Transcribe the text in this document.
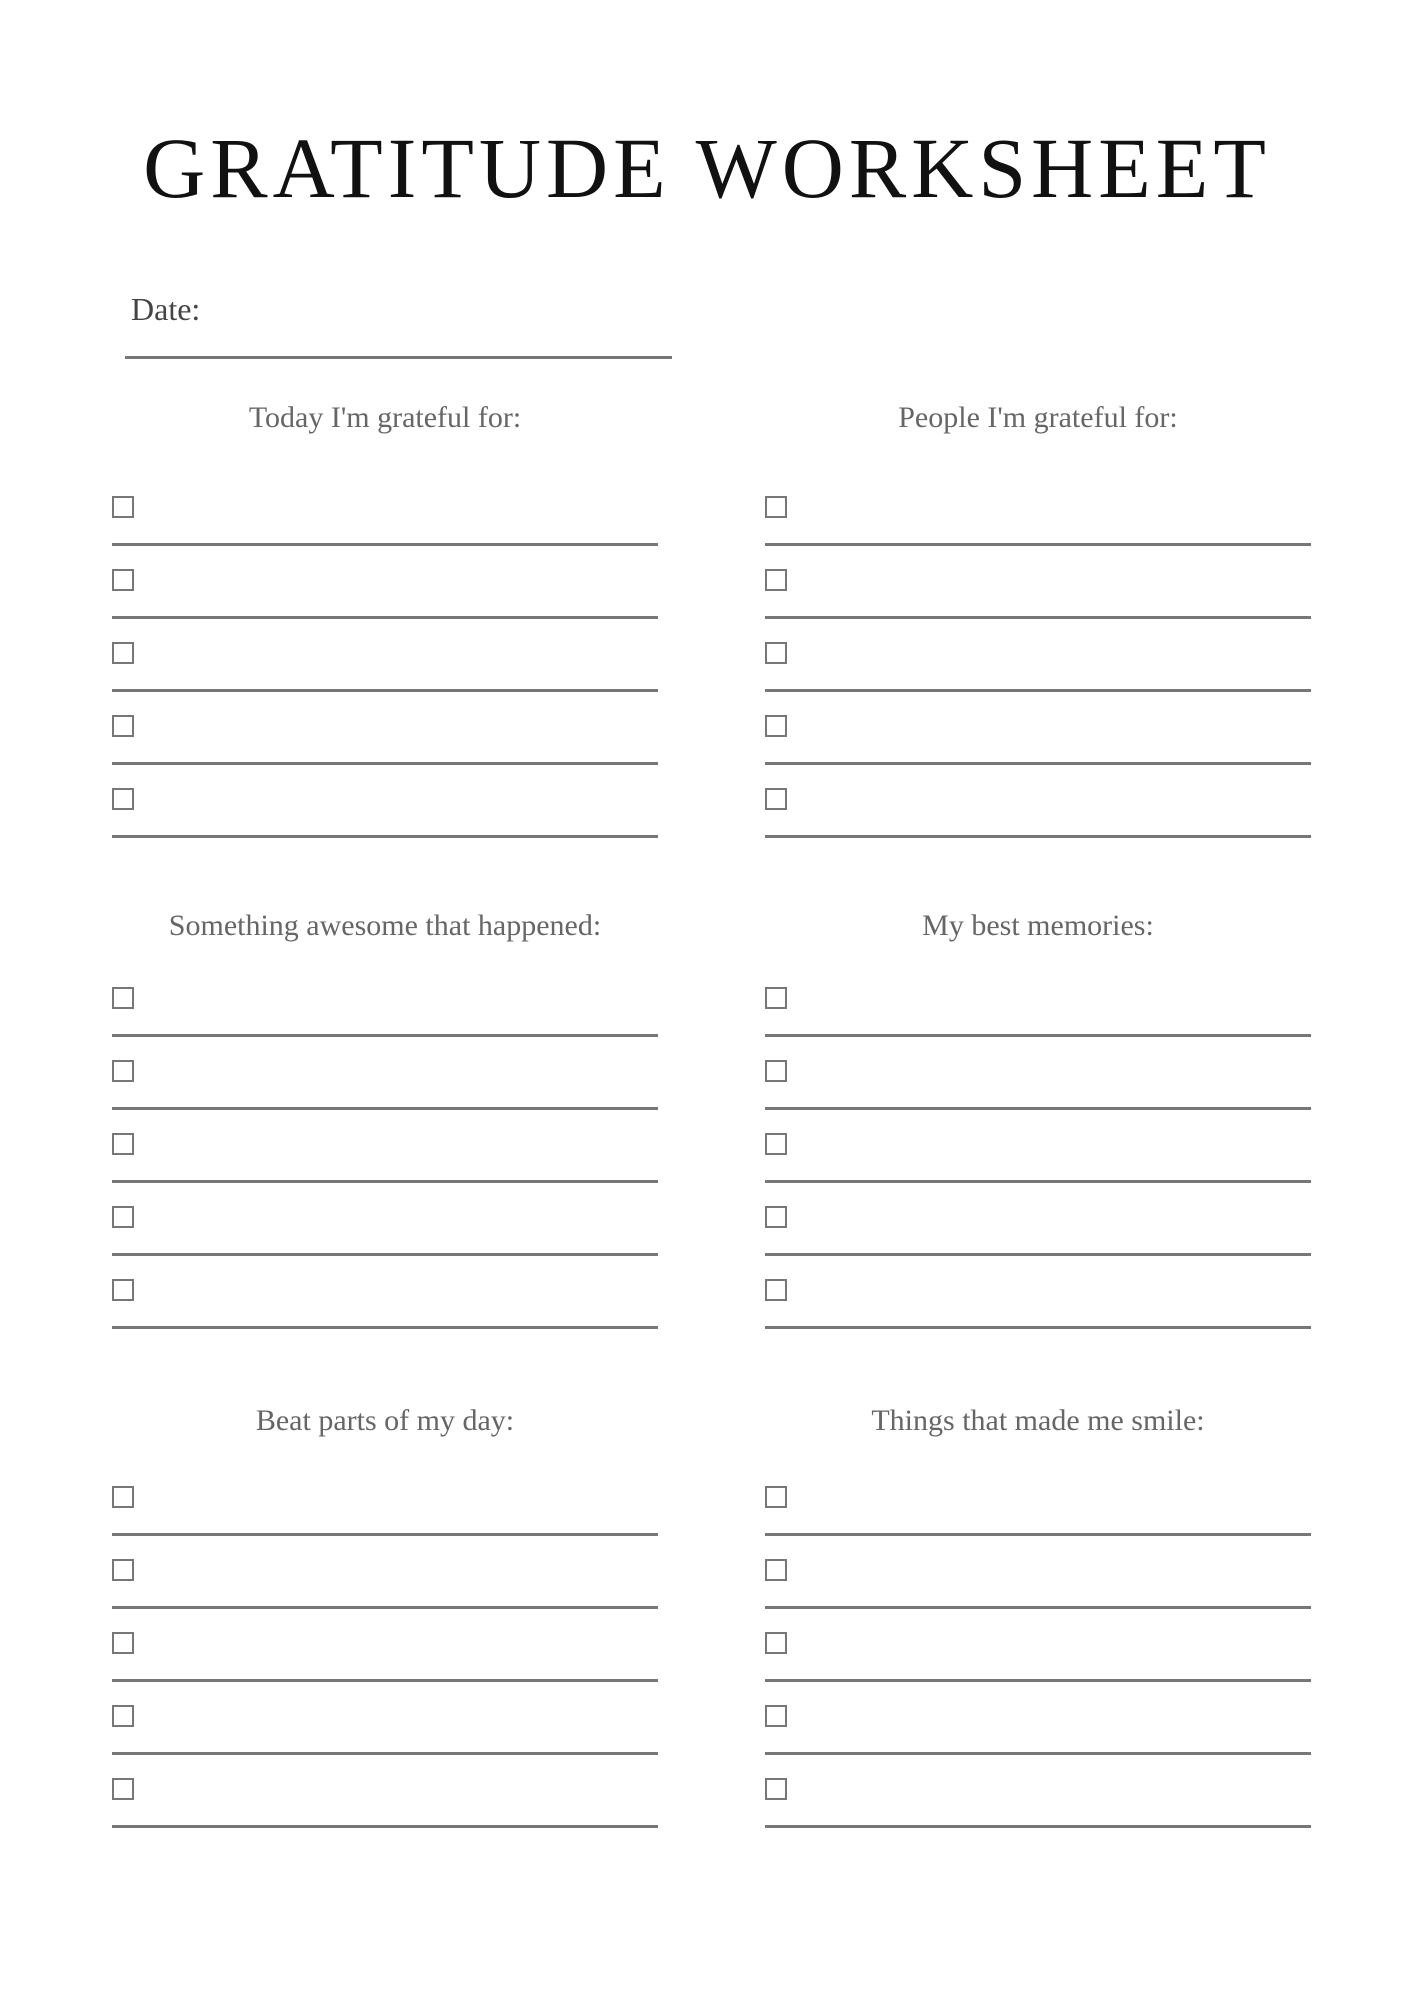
GRATITUDE WORKSHEET
Date:
Today I'm grateful for:	People I'm grateful for:
Something awesome that happened:	My best memories:
Beat parts of my day:	Things that made me smile:
